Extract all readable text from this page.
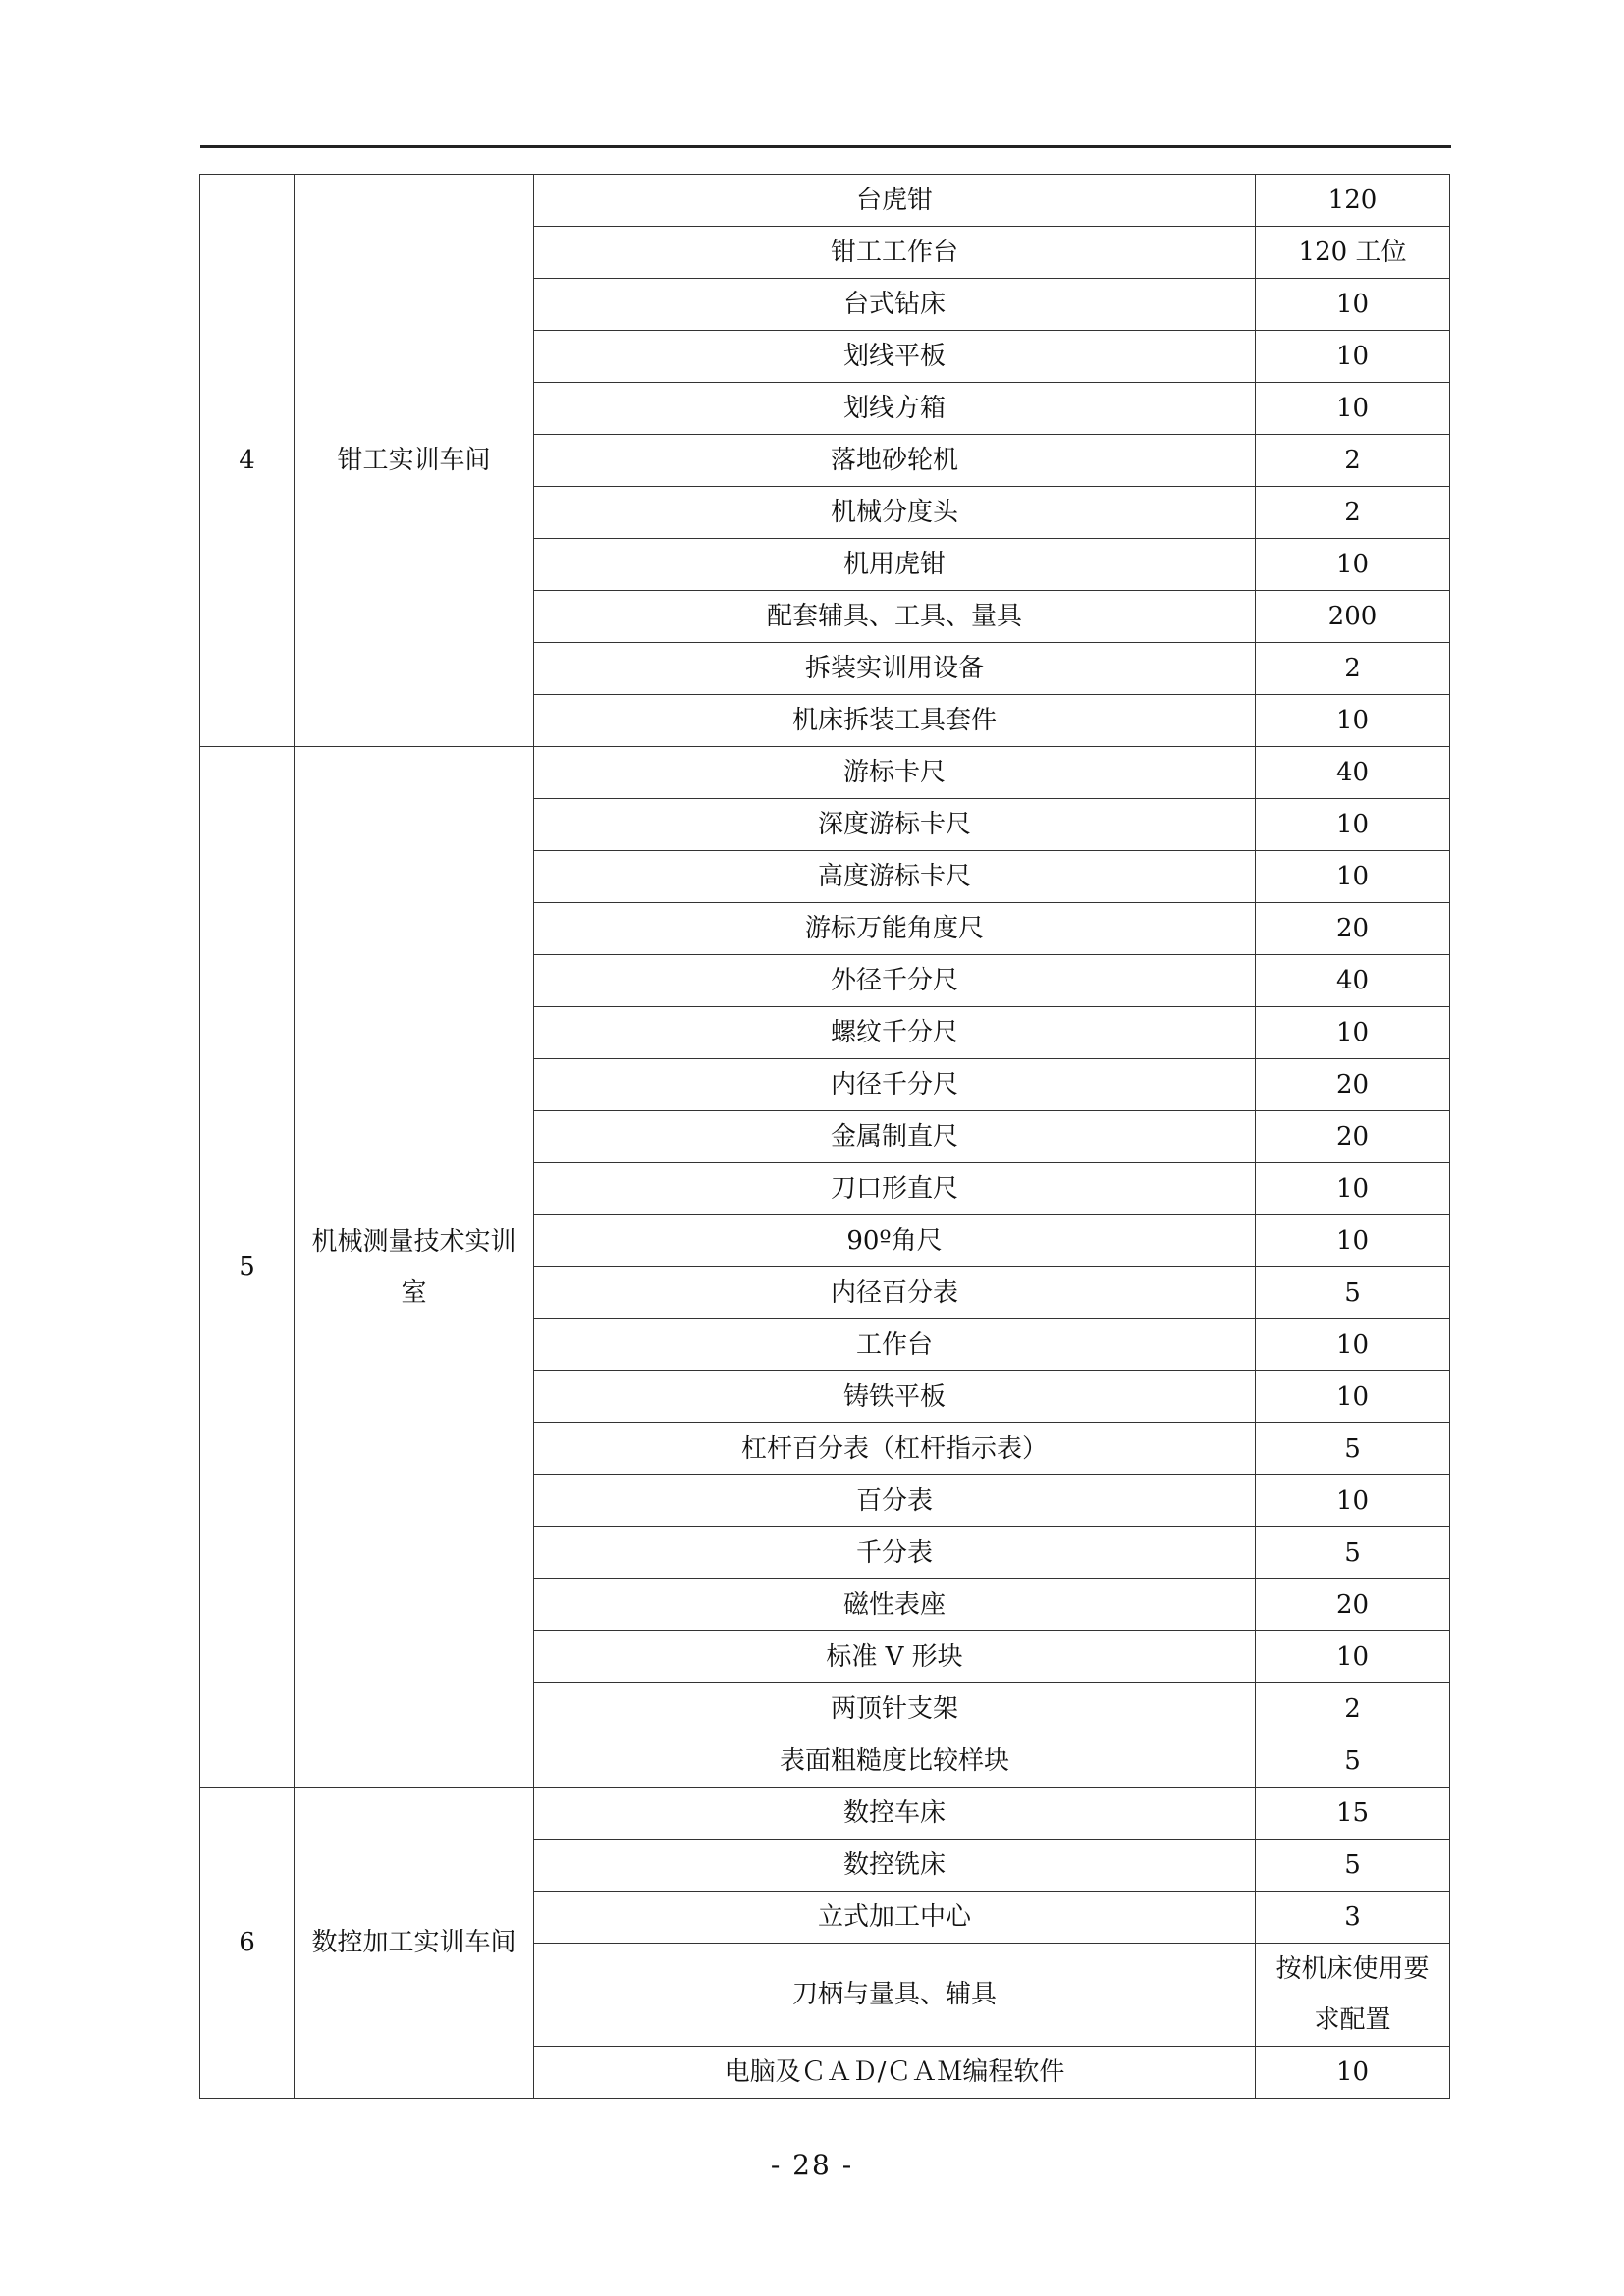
4	钳工实训车间	台虎钳	120
		钳工工作台	120 工位
		台式钻床	10
		划线平板	10
		划线方箱	10
		落地砂轮机	2
		机械分度头	2
		机用虎钳	10
		配套辅具、工具、量具	200
		拆装实训用设备	2
		机床拆装工具套件	10
5	机械测量技术实训室	游标卡尺	40
		深度游标卡尺	10
		高度游标卡尺	10
		游标万能角度尺	20
		外径千分尺	40
		螺纹千分尺	10
		内径千分尺	20
		金属制直尺	20
		刀口形直尺	10
		90º角尺	10
		内径百分表	5
		工作台	10
		铸铁平板	10
		杠杆百分表（杠杆指示表）	5
		百分表	10
		千分表	5
		磁性表座	20
		标准 V 形块	10
		两顶针支架	2
		表面粗糙度比较样块	5
6	数控加工实训车间	数控车床	15
		数控铣床	5
		立式加工中心	3
		刀柄与量具、辅具	按机床使用要求配置
		电脑及ＣＡＤ/ＣＡＭ编程软件	10
- 28 -
